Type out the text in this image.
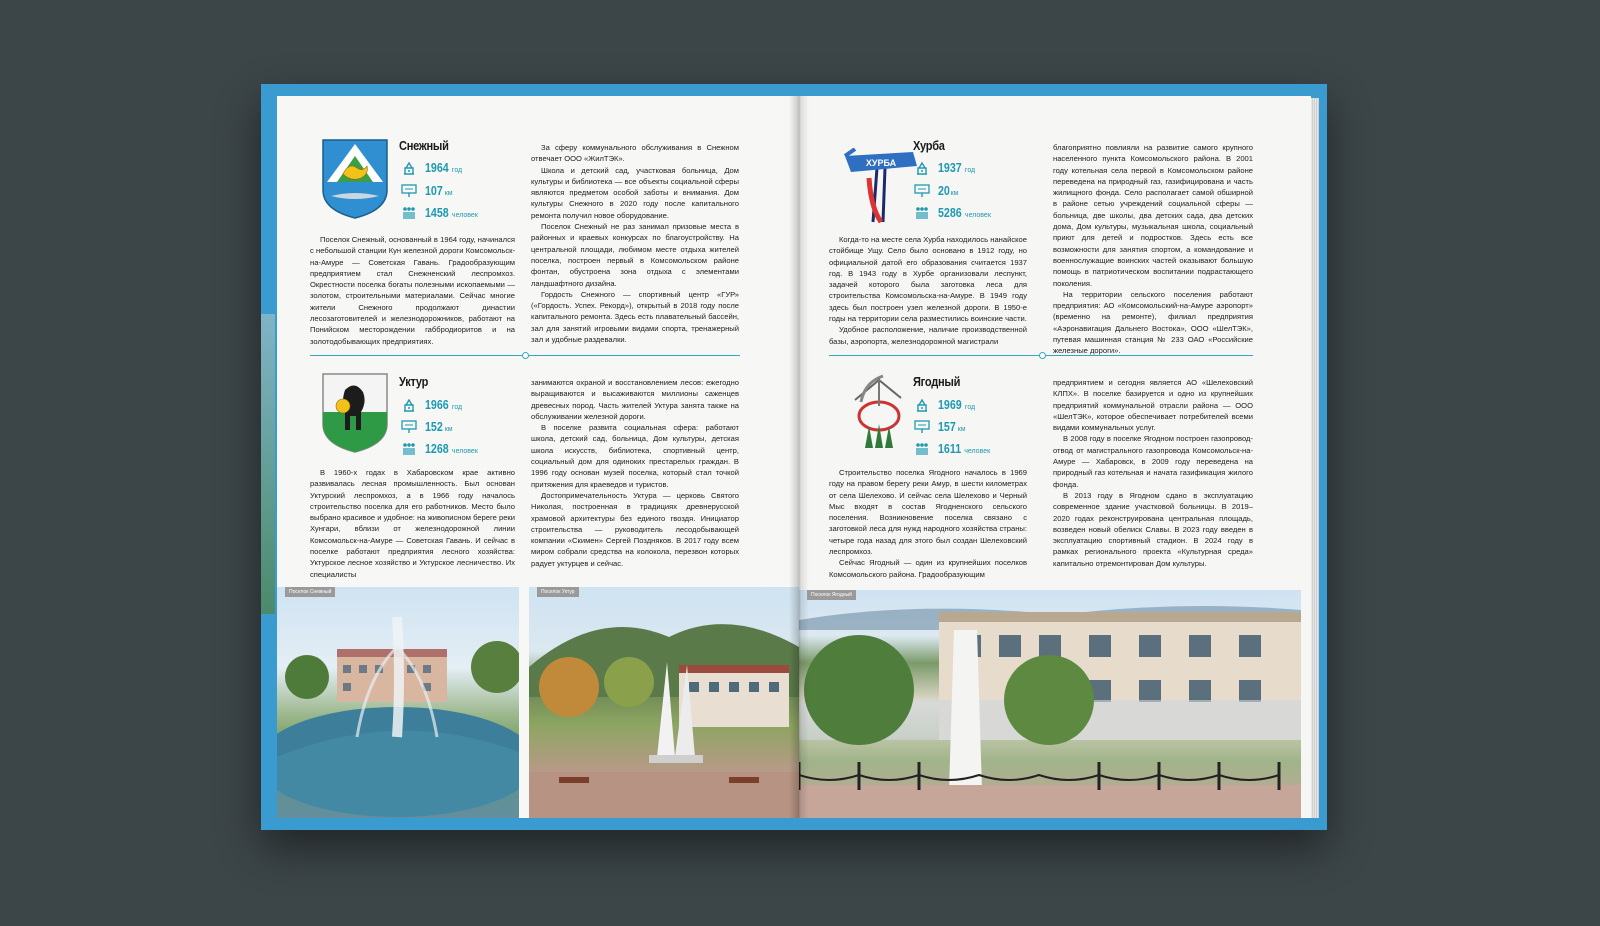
Снежный
1964 год
107 км
1458 человек

Поселок Снежный, основанный в 1964 году, начинался с небольшой станции Кун железной дороги Комсомольск-на-Амуре — Советская Гавань. Градообразующим предприятием стал Снежненский леспромхоз. Окрестности поселка богаты полезными ископаемыми — золотом, строительными материалами. Сейчас многие жители Снежного продолжают династии лесозаготовителей и железнодорожников, работают на Понийском месторождении габбродиоритов и на золотодобывающих предприятиях.

За сферу коммунального обслуживания в Снежном отвечает ООО «ЖилТЭК».

Школа и детский сад, участковая больница, Дом культуры и библиотека — все объекты социальной сферы являются предметом особой заботы и внимания. Дом культуры Снежного в 2020 году после капитального ремонта получил новое оборудование.

Поселок Снежный не раз занимал призовые места в районных и краевых конкурсах по благоустройству. На центральной площади, любимом месте отдыха жителей поселка, построен первый в Комсомольском районе фонтан, обустроена зона отдыха с элементами ландшафтного дизайна.

Гордость Снежного — спортивный центр «ГУР» («Гордость. Успех. Рекорд»), открытый в 2018 году после капитального ремонта. Здесь есть плавательный бассейн, зал для занятий игровыми видами спорта, тренажерный зал и удобные раздевалки.

Уктур
1966 год
152 км
1268 человек

В 1960-х годах в Хабаровском крае активно развивалась лесная промышленность. Был основан Уктурский леспромхоз, а в 1966 году началось строительство поселка для его работников. Место было выбрано красивое и удобное: на живописном береге реки Хунгари, вблизи от железнодорожной линии Комсомольск-на-Амуре — Советская Гавань. И сейчас в поселке работают предприятия лесного хозяйства: Уктурское лесное хозяйство и Уктурское лесничество. Их специалисты

занимаются охраной и восстановлением лесов: ежегодно выращиваются и высаживаются миллионы саженцев древесных пород. Часть жителей Уктура занята также на обслуживании железной дороги.

В поселке развита социальная сфера: работают школа, детский сад, больница, Дом культуры, детская школа искусств, библиотека, спортивный центр, социальный дом для одиноких престарелых граждан. В 1996 году основан музей поселка, который стал точкой притяжения для краеведов и туристов.

Достопримечательность Уктура — церковь Святого Николая, построенная в традициях древнерусской храмовой архитектуры без единого гвоздя. Инициатор строительства — руководитель лесодобывающей компании «Скимен» Сергей Поздняков. В 2017 году всем миром собрали средства на колокола, перезвон которых радует уктурцев и сейчас.

Поселок Снежный	Поселок Уктур
ХУРБА
Хурба
1937 год
20 км
5286 человек

Когда-то на месте села Хурба находилось нанайское стойбище Ущу. Село было основано в 1912 году, но официальной датой его образования считается 1937 год. В 1943 году в Хурбе организовали леспункт, задачей которого была заготовка леса для строительства Комсомольска-на-Амуре. В 1949 году здесь был построен узел железной дороги. В 1950-е годы на территории села разместились воинские части.

Удобное расположение, наличие производственной базы, аэропорта, железнодорожной магистрали

благоприятно повлияли на развитие самого крупного населенного пункта Комсомольского района. В 2001 году котельная села первой в Комсомольском районе переведена на природный газ, газифицирована и часть жилищного фонда. Село располагает самой обширной в районе сетью учреждений социальной сферы — больница, две школы, два детских сада, два детских дома, Дом культуры, музыкальная школа, социальный приют для детей и подростков. Здесь есть все возможности для занятия спортом, а командование и военнослужащие воинских частей оказывают большую помощь в патриотическом воспитании подрастающего поколения.

На территории сельского поселения работают предприятия: АО «Комсомольский-на-Амуре аэропорт» (временно на ремонте), филиал предприятия «Аэронавигация Дальнего Востока», ООО «ШелТЭК», путевая машинная станция № 233 ОАО «Российские железные дороги».

Ягодный
1969 год
157 км
1611 человек

Строительство поселка Ягодного началось в 1969 году на правом берегу реки Амур, в шести километрах от села Шелехово. И сейчас села Шелехово и Черный Мыс входят в состав Ягодненского сельского поселения. Возникновение поселка связано с заготовкой леса для нужд народного хозяйства страны: четыре года назад для этого был создан Шелеховский леспромхоз.

Сейчас Ягодный — один из крупнейших поселков Комсомольского района. Градообразующим

предприятием и сегодня является АО «Шелеховский КЛПХ». В поселке базируется и одно из крупнейших предприятий коммунальной отрасли района — ООО «ШелТЭК», которое обеспечивает потребителей всеми видами коммунальных услуг.

В 2008 году в поселке Ягодном построен газопровод-отвод от магистрального газопровода Комсомольск-на-Амуре — Хабаровск, в 2009 году переведена на природный газ котельная и начата газификация жилого фонда.

В 2013 году в Ягодном сдано в эксплуатацию современное здание участковой больницы. В 2019–2020 годах реконструирована центральная площадь, возведен новый обелиск Славы. В 2023 году введен в эксплуатацию спортивный стадион. В 2024 году в рамках регионального проекта «Культурная среда» капитально отремонтирован Дом культуры.

Поселок Ягодный
